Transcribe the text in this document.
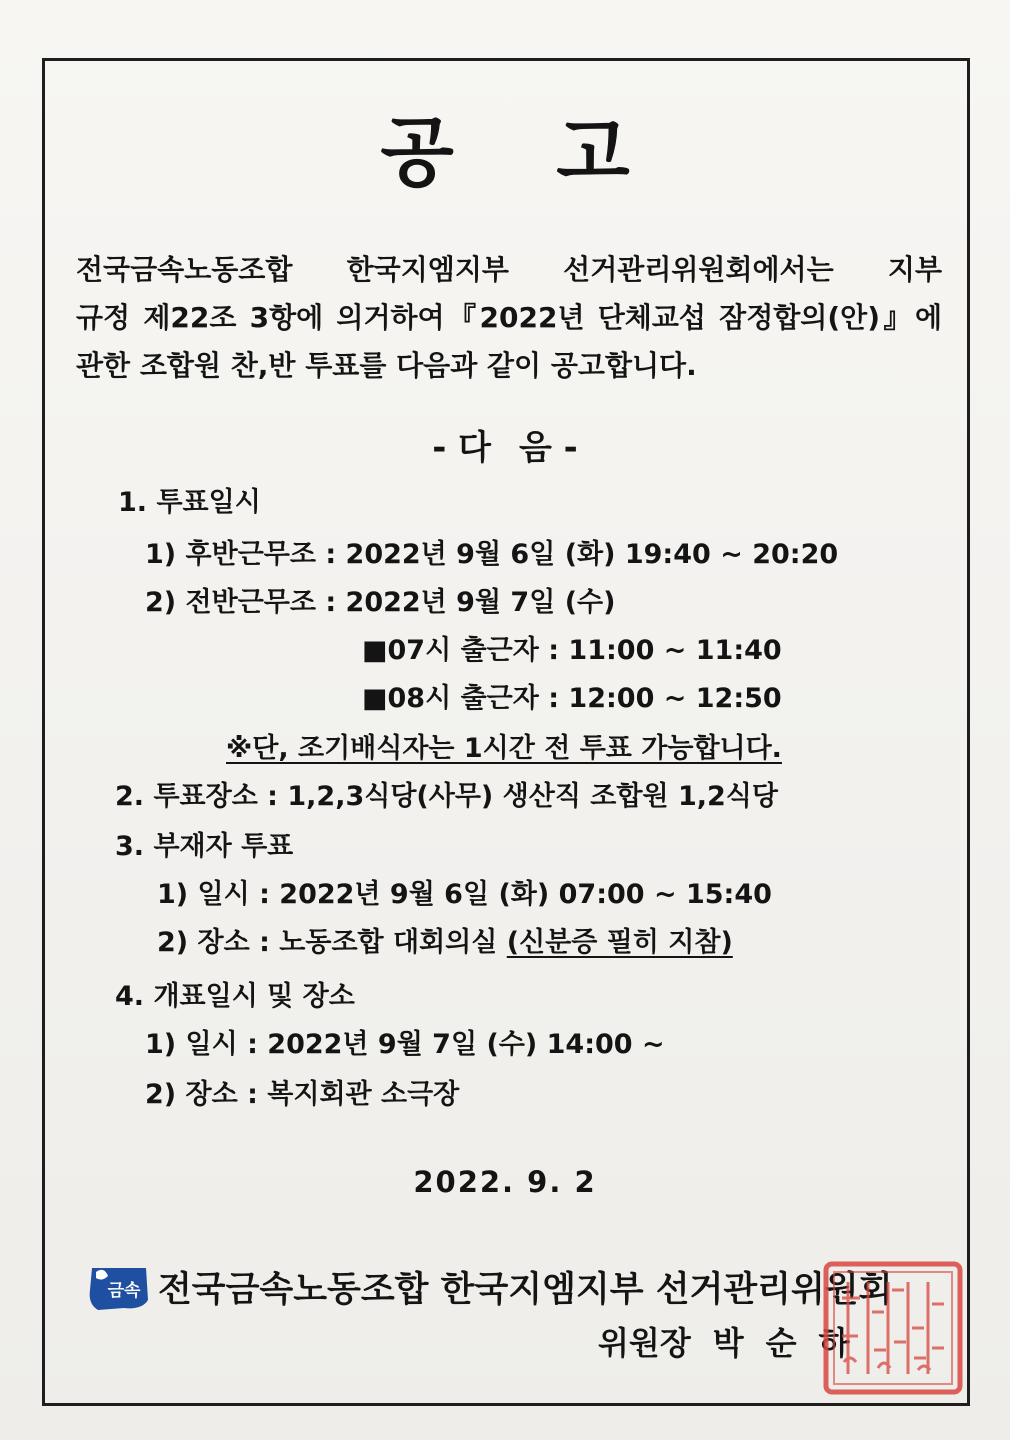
공 고
전국금속노동조합 한국지엠지부 선거관리위원회에서는 지부
규정 제22조 3항에 의거하여『2022년 단체교섭 잠정합의(안)』에
관한 조합원 찬,반 투표를 다음과 같이 공고합니다.
- 다 음 -
1. 투표일시
1) 후반근무조 : 2022년 9월 6일 (화) 19:40 ~ 20:20
2) 전반근무조 : 2022년 9월 7일 (수)
■07시 출근자 : 11:00 ~ 11:40
■08시 출근자 : 12:00 ~ 12:50
※단, 조기배식자는 1시간 전 투표 가능합니다.
2. 투표장소 : 1,2,3식당(사무) 생산직 조합원 1,2식당
3. 부재자 투표
1) 일시 : 2022년 9월 6일 (화) 07:00 ~ 15:40
2) 장소 : 노동조합 대회의실 (신분증 필히 지참)
4. 개표일시 및 장소
1) 일시 : 2022년 9월 7일 (수) 14:00 ~
2) 장소 : 복지회관 소극장
2022. 9. 2
금속 전국금속노동조합 한국지엠지부 선거관리위원회
위원장 박 순 하
